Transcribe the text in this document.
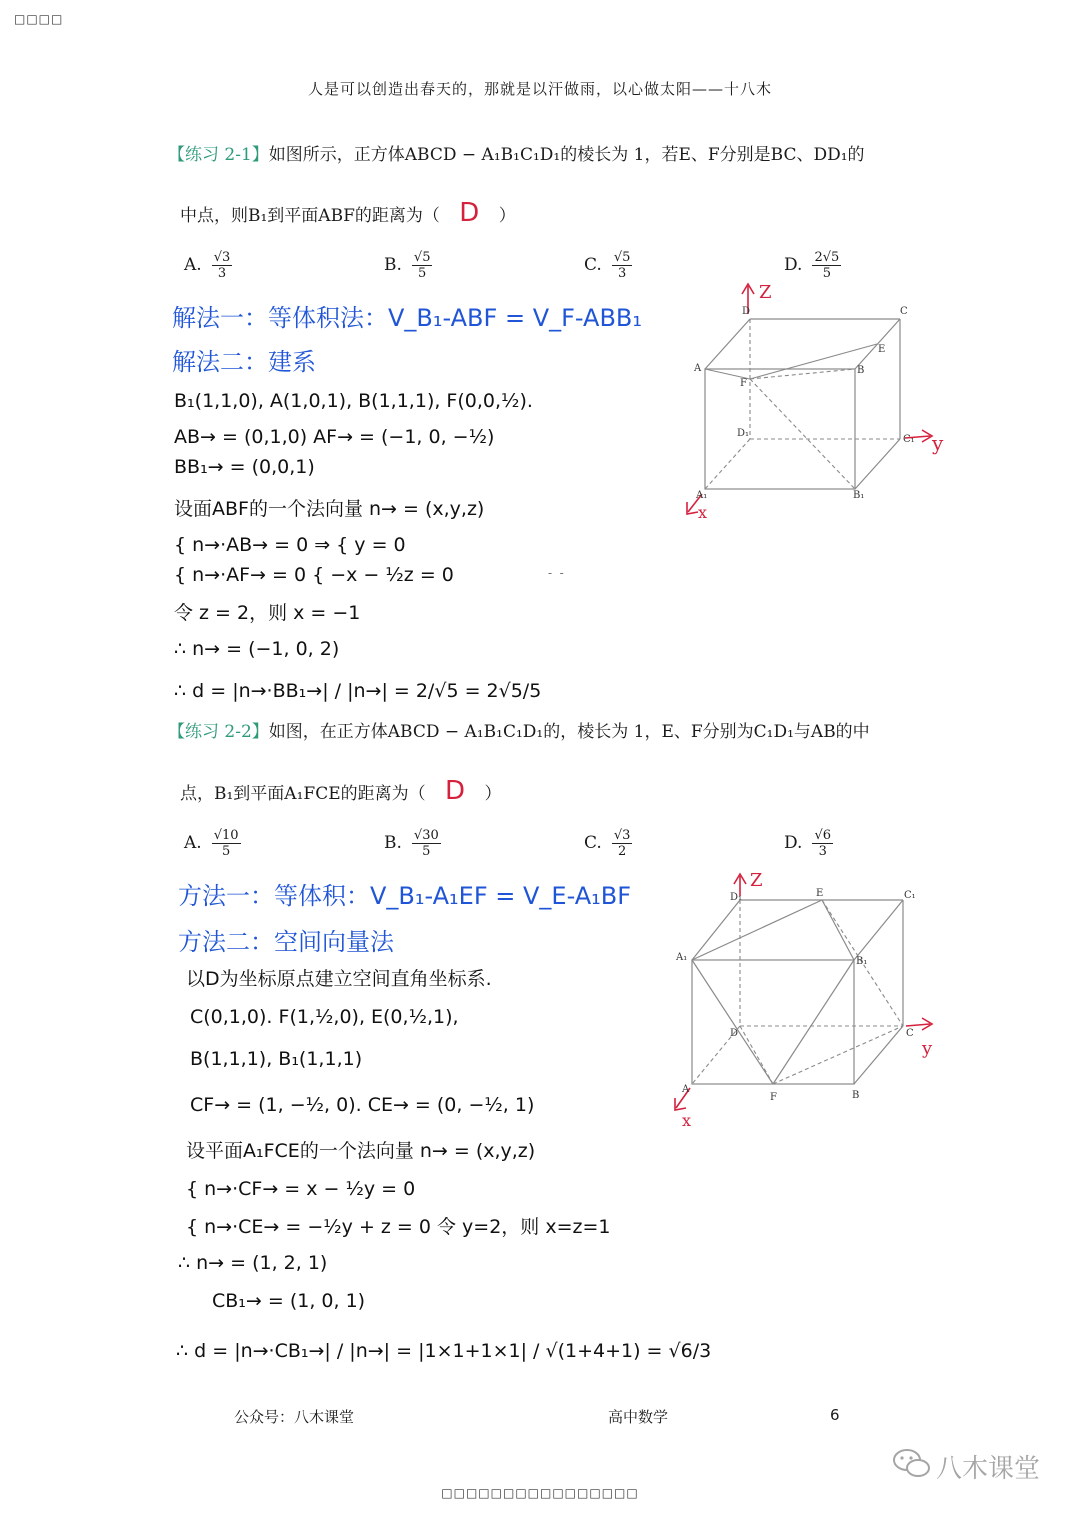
□□□□
人是可以创造出春天的，那就是以汗做雨，以心做太阳——十八木
【练习 2-1】如图所示，正方体ABCD − A₁B₁C₁D₁的棱长为 1，若E、F分别是BC、DD₁的
中点，则B₁到平面ABF的距离为（ D ）
A. $\frac{√3}{3}$	B. $\frac{√5}{5}$	C. $\frac{√5}{3}$	D. $\frac{2√5}{5}$
解法一：等体积法：V_B₁-ABF = V_F-ABB₁
解法二：建系
B₁(1,1,0), A(1,0,1), B(1,1,1), F(0,0,½).
AB→ = (0,1,0) AF→ = (−1, 0, −½)
BB₁→ = (0,0,1)
设面ABF的一个法向量 n→ = (x,y,z)
{ n→·AB→ = 0 ⇒ { y = 0
{ n→·AF→ = 0 { −x − ½z = 0
令 z = 2，则 x = −1
∴ n→ = (−1, 0, 2)
∴ d = |n→·BB₁→| / |n→| = 2/√5 = 2√5/5
Z
D	C
E
A
F
B
D₁
C₁ y
A₁
x
B₁
-  -
【练习 2-2】如图，在正方体ABCD − A₁B₁C₁D₁的，棱长为 1，E、F分别为C₁D₁与AB的中
点，B₁到平面A₁FCE的距离为（ D ）
A. $\frac{√10}{5}$	B. $\frac{√30}{5}$	C. $\frac{√3}{2}$	D. $\frac{√6}{3}$
方法一：等体积：V_B₁-A₁EF = V_E-A₁BF
方法二：空间向量法
以D为坐标原点建立空间直角坐标系.
C(0,1,0). F(1,½,0), E(0,½,1),
B(1,1,1), B₁(1,1,1)
CF→ = (1, −½, 0). CE→ = (0, −½, 1)
设平面A₁FCE的一个法向量 n→ = (x,y,z)
{ n→·CF→ = x − ½y = 0
{ n→·CE→ = −½y + z = 0 令 y=2，则 x=z=1
∴ n→ = (1, 2, 1)
CB₁→ = (1, 0, 1)
∴ d = |n→·CB₁→| / |n→| = |1×1+1×1| / √(1+4+1) = √6/3
Z
D₁	E	C₁
A₁	B₁
D	C
y
A
F	B
x
公众号：八木课堂	高中数学	6
八木课堂
□□□□□□□□□□□□□□□□
